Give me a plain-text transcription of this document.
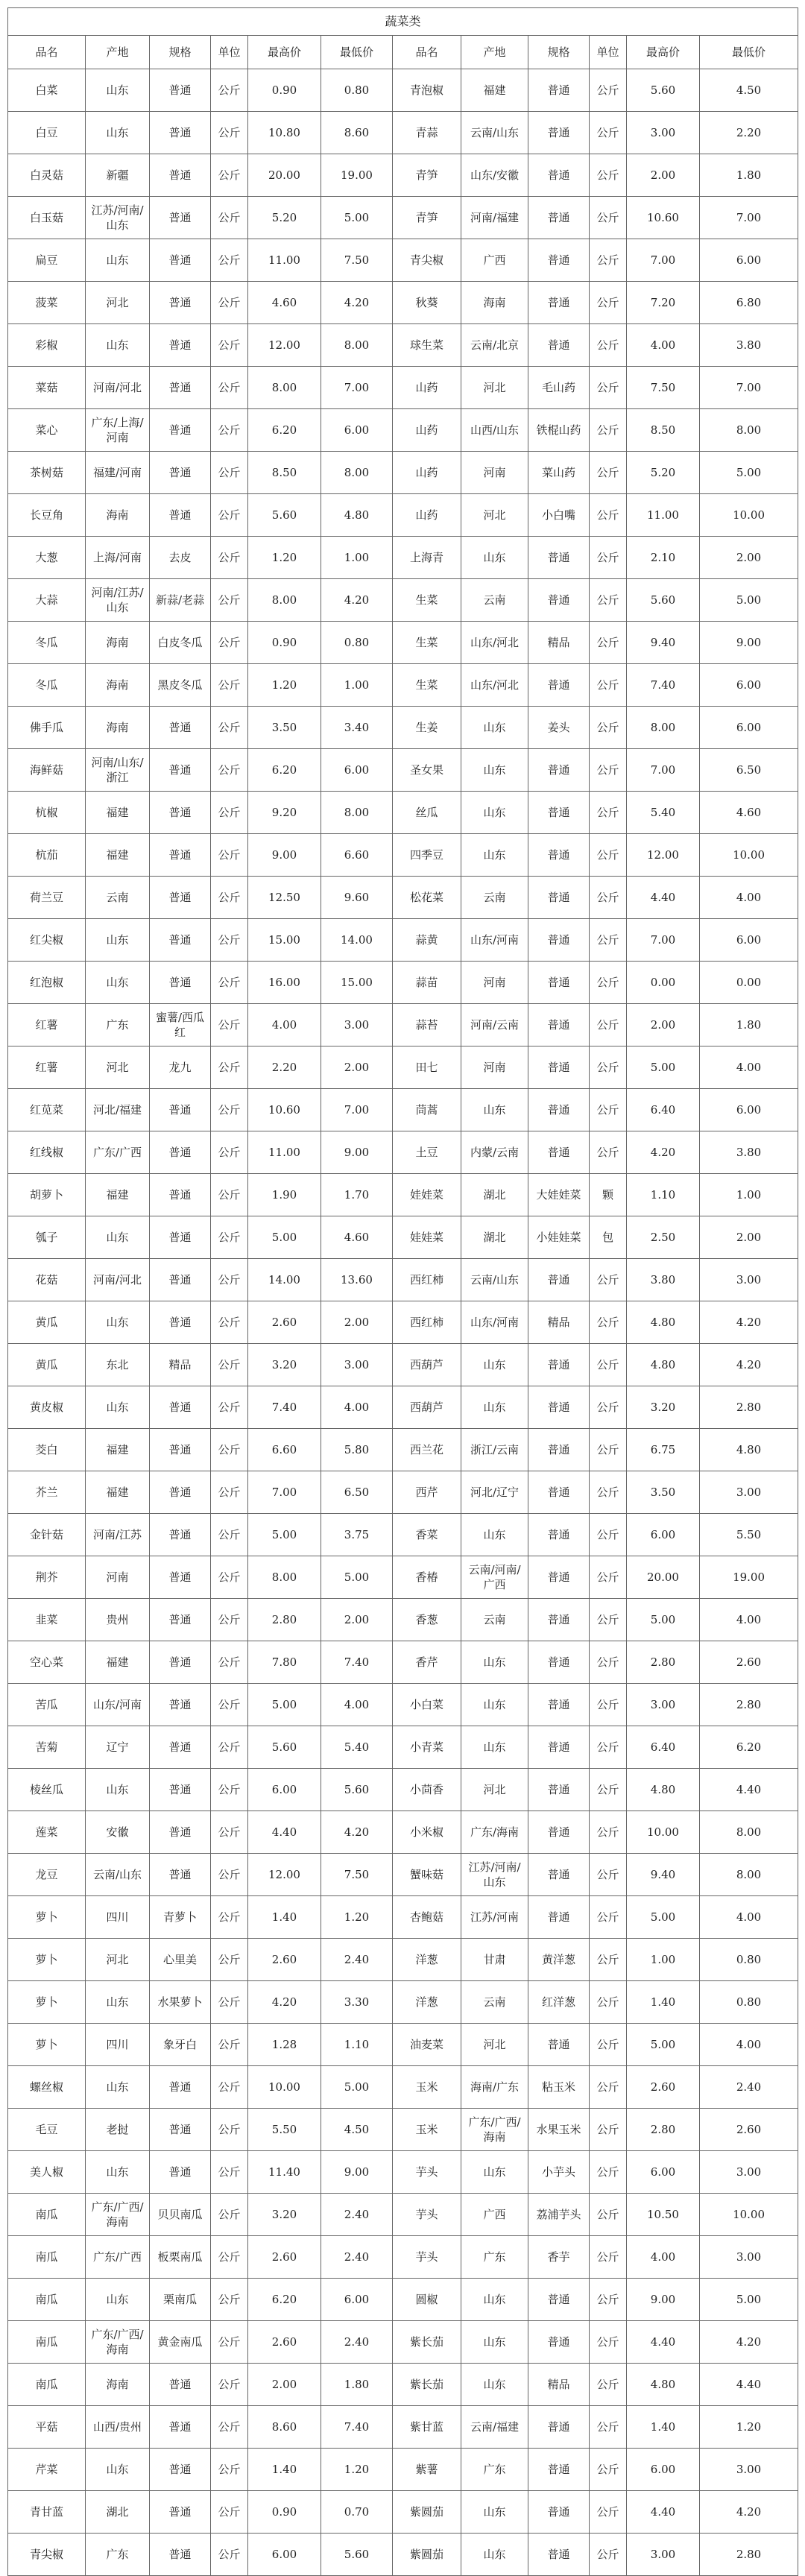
蔬菜类											
品名	产地	规格	单位	最高价	最低价	品名	产地	规格	单位	最高价	最低价
白菜	山东	普通	公斤	0.90	0.80	青泡椒	福建	普通	公斤	5.60	4.50
白豆	山东	普通	公斤	10.80	8.60	青蒜	云南/山东	普通	公斤	3.00	2.20
白灵菇	新疆	普通	公斤	20.00	19.00	青笋	山东/安徽	普通	公斤	2.00	1.80
白玉菇	江苏/河南/山东	普通	公斤	5.20	5.00	青笋	河南/福建	普通	公斤	10.60	7.00
扁豆	山东	普通	公斤	11.00	7.50	青尖椒	广西	普通	公斤	7.00	6.00
菠菜	河北	普通	公斤	4.60	4.20	秋葵	海南	普通	公斤	7.20	6.80
彩椒	山东	普通	公斤	12.00	8.00	球生菜	云南/北京	普通	公斤	4.00	3.80
菜菇	河南/河北	普通	公斤	8.00	7.00	山药	河北	毛山药	公斤	7.50	7.00
菜心	广东/上海/河南	普通	公斤	6.20	6.00	山药	山西/山东	铁棍山药	公斤	8.50	8.00
茶树菇	福建/河南	普通	公斤	8.50	8.00	山药	河南	菜山药	公斤	5.20	5.00
长豆角	海南	普通	公斤	5.60	4.80	山药	河北	小白嘴	公斤	11.00	10.00
大葱	上海/河南	去皮	公斤	1.20	1.00	上海青	山东	普通	公斤	2.10	2.00
大蒜	河南/江苏/山东	新蒜/老蒜	公斤	8.00	4.20	生菜	云南	普通	公斤	5.60	5.00
冬瓜	海南	白皮冬瓜	公斤	0.90	0.80	生菜	山东/河北	精品	公斤	9.40	9.00
冬瓜	海南	黑皮冬瓜	公斤	1.20	1.00	生菜	山东/河北	普通	公斤	7.40	6.00
佛手瓜	海南	普通	公斤	3.50	3.40	生姜	山东	姜头	公斤	8.00	6.00
海鲜菇	河南/山东/浙江	普通	公斤	6.20	6.00	圣女果	山东	普通	公斤	7.00	6.50
杭椒	福建	普通	公斤	9.20	8.00	丝瓜	山东	普通	公斤	5.40	4.60
杭茄	福建	普通	公斤	9.00	6.60	四季豆	山东	普通	公斤	12.00	10.00
荷兰豆	云南	普通	公斤	12.50	9.60	松花菜	云南	普通	公斤	4.40	4.00
红尖椒	山东	普通	公斤	15.00	14.00	蒜黄	山东/河南	普通	公斤	7.00	6.00
红泡椒	山东	普通	公斤	16.00	15.00	蒜苗	河南	普通	公斤	0.00	0.00
红薯	广东	蜜薯/西瓜红	公斤	4.00	3.00	蒜苔	河南/云南	普通	公斤	2.00	1.80
红薯	河北	龙九	公斤	2.20	2.00	田七	河南	普通	公斤	5.00	4.00
红苋菜	河北/福建	普通	公斤	10.60	7.00	茼蒿	山东	普通	公斤	6.40	6.00
红线椒	广东/广西	普通	公斤	11.00	9.00	土豆	内蒙/云南	普通	公斤	4.20	3.80
胡萝卜	福建	普通	公斤	1.90	1.70	娃娃菜	湖北	大娃娃菜	颗	1.10	1.00
瓠子	山东	普通	公斤	5.00	4.60	娃娃菜	湖北	小娃娃菜	包	2.50	2.00
花菇	河南/河北	普通	公斤	14.00	13.60	西红柿	云南/山东	普通	公斤	3.80	3.00
黄瓜	山东	普通	公斤	2.60	2.00	西红柿	山东/河南	精品	公斤	4.80	4.20
黄瓜	东北	精品	公斤	3.20	3.00	西葫芦	山东	普通	公斤	4.80	4.20
黄皮椒	山东	普通	公斤	7.40	4.00	西葫芦	山东	普通	公斤	3.20	2.80
茭白	福建	普通	公斤	6.60	5.80	西兰花	浙江/云南	普通	公斤	6.75	4.80
芥兰	福建	普通	公斤	7.00	6.50	西芹	河北/辽宁	普通	公斤	3.50	3.00
金针菇	河南/江苏	普通	公斤	5.00	3.75	香菜	山东	普通	公斤	6.00	5.50
荆芥	河南	普通	公斤	8.00	5.00	香椿	云南/河南/广西	普通	公斤	20.00	19.00
韭菜	贵州	普通	公斤	2.80	2.00	香葱	云南	普通	公斤	5.00	4.00
空心菜	福建	普通	公斤	7.80	7.40	香芹	山东	普通	公斤	2.80	2.60
苦瓜	山东/河南	普通	公斤	5.00	4.00	小白菜	山东	普通	公斤	3.00	2.80
苦菊	辽宁	普通	公斤	5.60	5.40	小青菜	山东	普通	公斤	6.40	6.20
棱丝瓜	山东	普通	公斤	6.00	5.60	小茴香	河北	普通	公斤	4.80	4.40
莲菜	安徽	普通	公斤	4.40	4.20	小米椒	广东/海南	普通	公斤	10.00	8.00
龙豆	云南/山东	普通	公斤	12.00	7.50	蟹味菇	江苏/河南/山东	普通	公斤	9.40	8.00
萝卜	四川	青萝卜	公斤	1.40	1.20	杏鲍菇	江苏/河南	普通	公斤	5.00	4.00
萝卜	河北	心里美	公斤	2.60	2.40	洋葱	甘肃	黄洋葱	公斤	1.00	0.80
萝卜	山东	水果萝卜	公斤	4.20	3.30	洋葱	云南	红洋葱	公斤	1.40	0.80
萝卜	四川	象牙白	公斤	1.28	1.10	油麦菜	河北	普通	公斤	5.00	4.00
螺丝椒	山东	普通	公斤	10.00	5.00	玉米	海南/广东	粘玉米	公斤	2.60	2.40
毛豆	老挝	普通	公斤	5.50	4.50	玉米	广东/广西/海南	水果玉米	公斤	2.80	2.60
美人椒	山东	普通	公斤	11.40	9.00	芋头	山东	小芋头	公斤	6.00	3.00
南瓜	广东/广西/海南	贝贝南瓜	公斤	3.20	2.40	芋头	广西	荔浦芋头	公斤	10.50	10.00
南瓜	广东/广西	板栗南瓜	公斤	2.60	2.40	芋头	广东	香芋	公斤	4.00	3.00
南瓜	山东	栗南瓜	公斤	6.20	6.00	圆椒	山东	普通	公斤	9.00	5.00
南瓜	广东/广西/海南	黄金南瓜	公斤	2.60	2.40	紫长茄	山东	普通	公斤	4.40	4.20
南瓜	海南	普通	公斤	2.00	1.80	紫长茄	山东	精品	公斤	4.80	4.40
平菇	山西/贵州	普通	公斤	8.60	7.40	紫甘蓝	云南/福建	普通	公斤	1.40	1.20
芹菜	山东	普通	公斤	1.40	1.20	紫薯	广东	普通	公斤	6.00	3.00
青甘蓝	湖北	普通	公斤	0.90	0.70	紫圆茄	山东	普通	公斤	4.40	4.20
青尖椒	广东	普通	公斤	6.00	5.60	紫圆茄	山东	普通	公斤	3.00	2.80
